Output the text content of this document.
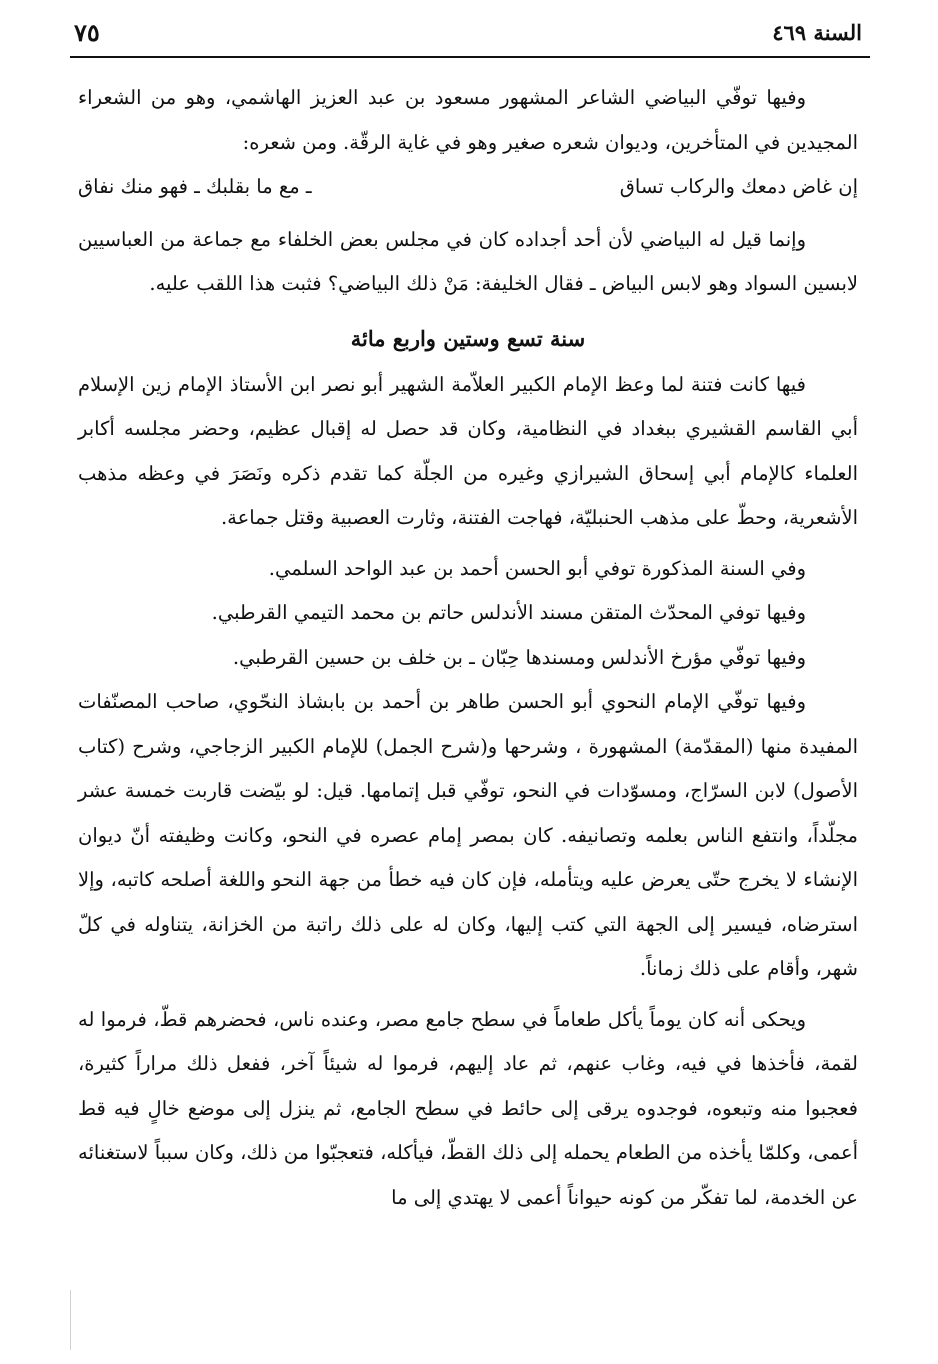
السنة ٤٦٩
٧٥

وفيها توفّي البياضي الشاعر المشهور مسعود بن عبد العزيز الهاشمي، وهو من الشعراء المجيدين في المتأخرين، وديوان شعره صغير وهو في غاية الرقّة. ومن شعره:

إن غاض دمعك والركاب تساق
ـ مع ما بقلبك ـ فهو منك نفاق

وإنما قيل له البياضي لأن أحد أجداده كان في مجلس بعض الخلفاء مع جماعة من العباسيين لابسين السواد وهو لابس البياض ـ فقال الخليفة: مَنْ ذلك البياضي؟ فثبت هذا اللقب عليه.

سنة تسع وستين واربع مائة

فيها كانت فتنة لما وعظ الإمام الكبير العلاّمة الشهير أبو نصر ابن الأستاذ الإمام زين الإسلام أبي القاسم القشيري ببغداد في النظامية، وكان قد حصل له إقبال عظيم، وحضر مجلسه أكابر العلماء كالإمام أبي إسحاق الشيرازي وغيره من الجلّة كما تقدم ذكره ونَصَرَ في وعظه مذهب الأشعرية، وحطّ على مذهب الحنبليّة، فهاجت الفتنة، وثارت العصبية وقتل جماعة.

وفي السنة المذكورة توفي أبو الحسن أحمد بن عبد الواحد السلمي.

وفيها توفي المحدّث المتقن مسند الأندلس حاتم بن محمد التيمي القرطبي.

وفيها توفّي مؤرخ الأندلس ومسندها حِبّان ـ بن خلف بن حسين القرطبي.

وفيها توفّي الإمام النحوي أبو الحسن طاهر بن أحمد بن بابشاذ النحّوي، صاحب المصنّفات المفيدة منها (المقدّمة) المشهورة ، وشرحها و(شرح الجمل) للإمام الكبير الزجاجي، وشرح (كتاب الأصول) لابن السرّاج، ومسوّدات في النحو، توفّي قبل إتمامها. قيل: لو بيّضت قاربت خمسة عشر مجلّداً، وانتفع الناس بعلمه وتصانيفه. كان بمصر إمام عصره في النحو، وكانت وظيفته أنّ ديوان الإنشاء لا يخرج حتّى يعرض عليه ويتأمله، فإن كان فيه خطأ من جهة النحو واللغة أصلحه كاتبه، وإلا استرضاه، فيسير إلى الجهة التي كتب إليها، وكان له على ذلك راتبة من الخزانة، يتناوله في كلّ شهر، وأقام على ذلك زماناً.

ويحكى أنه كان يوماً يأكل طعاماً في سطح جامع مصر، وعنده ناس، فحضرهم قطّ، فرموا له لقمة، فأخذها في فيه، وغاب عنهم، ثم عاد إليهم، فرموا له شيئاً آخر، ففعل ذلك مراراً كثيرة، فعجبوا منه وتبعوه، فوجدوه يرقى إلى حائط في سطح الجامع، ثم ينزل إلى موضع خالٍ فيه قط أعمى، وكلمّا يأخذه من الطعام يحمله إلى ذلك القطّ، فيأكله، فتعجبّوا من ذلك، وكان سبباً لاستغنائه عن الخدمة، لما تفكّر من كونه حيواناً أعمى لا يهتدي إلى ما
